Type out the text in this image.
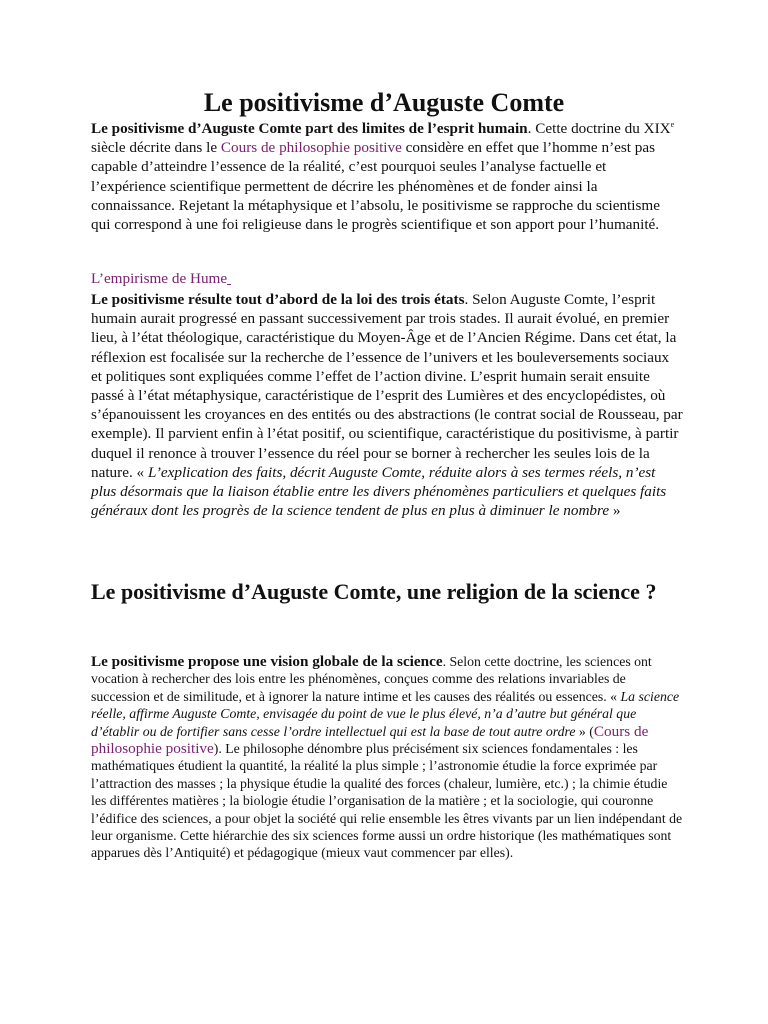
Le positivisme d’Auguste Comte

Le positivisme d’Auguste Comte part des limites de l’esprit humain. Cette doctrine du XIXe siècle décrite dans le Cours de philosophie positive considère en effet que l’homme n’est pas capable d’atteindre l’essence de la réalité, c’est pourquoi seules l’analyse factuelle et l’expérience scientifique permettent de décrire les phénomènes et de fonder ainsi la connaissance. Rejetant la métaphysique et l’absolu, le positivisme se rapproche du scientisme qui correspond à une foi religieuse dans le progrès scientifique et son apport pour l’humanité.

L’empirisme de Hume

Le positivisme résulte tout d’abord de la loi des trois états. Selon Auguste Comte, l’esprit humain aurait progressé en passant successivement par trois stades. Il aurait évolué, en premier lieu, à l’état théologique, caractéristique du Moyen-Âge et de l’Ancien Régime. Dans cet état, la réflexion est focalisée sur la recherche de l’essence de l’univers et les bouleversements sociaux et politiques sont expliquées comme l’effet de l’action divine. L’esprit humain serait ensuite passé à l’état métaphysique, caractéristique de l’esprit des Lumières et des encyclopédistes, où s’épanouissent les croyances en des entités ou des abstractions (le contrat social de Rousseau, par exemple). Il parvient enfin à l’état positif, ou scientifique, caractéristique du positivisme, à partir duquel il renonce à trouver l’essence du réel pour se borner à rechercher les seules lois de la nature. « L’explication des faits, décrit Auguste Comte, réduite alors à ses termes réels, n’est plus désormais que la liaison établie entre les divers phénomènes particuliers et quelques faits généraux dont les progrès de la science tendent de plus en plus à diminuer le nombre »

Le positivisme d’Auguste Comte, une religion de la science ?

Le positivisme propose une vision globale de la science. Selon cette doctrine, les sciences ont vocation à rechercher des lois entre les phénomènes, conçues comme des relations invariables de succession et de similitude, et à ignorer la nature intime et les causes des réalités ou essences. « La science réelle, affirme Auguste Comte, envisagée du point de vue le plus élevé, n’a d’autre but général que d’établir ou de fortifier sans cesse l’ordre intellectuel qui est la base de tout autre ordre » (Cours de philosophie positive). Le philosophe dénombre plus précisément six sciences fondamentales : les mathématiques étudient la quantité, la réalité la plus simple ; l’astronomie étudie la force exprimée par l’attraction des masses ; la physique étudie la qualité des forces (chaleur, lumière, etc.) ; la chimie étudie les différentes matières ; la biologie étudie l’organisation de la matière ; et la sociologie, qui couronne l’édifice des sciences, a pour objet la société qui relie ensemble les êtres vivants par un lien indépendant de leur organisme. Cette hiérarchie des six sciences forme aussi un ordre historique (les mathématiques sont apparues dès l’Antiquité) et pédagogique (mieux vaut commencer par elles).
